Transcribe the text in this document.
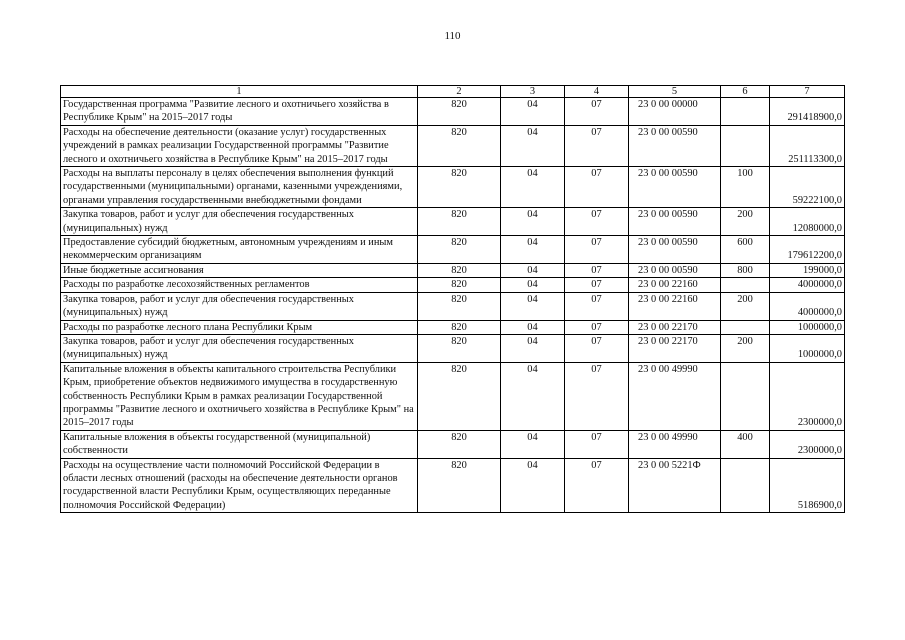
110
1	2	3	4	5	6	7
Государственная программа "Развитие лесного и охотничьего хозяйства в Республике Крым" на 2015–2017 годы	820	04	07	23 0 00 00000		291418900,0
Расходы на обеспечение деятельности (оказание услуг) государственных учреждений в рамках реализации Государственной программы "Развитие лесного и охотничьего хозяйства в Республике Крым" на 2015–2017 годы	820	04	07	23 0 00 00590		251113300,0
Расходы на выплаты персоналу в целях обеспечения выполнения функций государственными (муниципальными) органами, казенными учреждениями, органами управления государственными внебюджетными фондами	820	04	07	23 0 00 00590	100	59222100,0
Закупка товаров, работ и услуг для обеспечения государственных (муниципальных) нужд	820	04	07	23 0 00 00590	200	12080000,0
Предоставление субсидий бюджетным, автономным учреждениям и иным некоммерческим организациям	820	04	07	23 0 00 00590	600	179612200,0
Иные бюджетные ассигнования	820	04	07	23 0 00 00590	800	199000,0
Расходы по разработке лесохозяйственных регламентов	820	04	07	23 0 00 22160		4000000,0
Закупка товаров, работ и услуг для обеспечения государственных (муниципальных) нужд	820	04	07	23 0 00 22160	200	4000000,0
Расходы по разработке лесного плана Республики Крым	820	04	07	23 0 00 22170		1000000,0
Закупка товаров, работ и услуг для обеспечения государственных (муниципальных) нужд	820	04	07	23 0 00 22170	200	1000000,0
Капитальные вложения в объекты капитального строительства Республики Крым, приобретение объектов недвижимого имущества в государственную собственность Республики Крым в рамках реализации Государственной программы "Развитие лесного и охотничьего хозяйства в Республике Крым" на 2015–2017 годы	820	04	07	23 0 00 49990		2300000,0
Капитальные вложения в объекты государственной (муниципальной) собственности	820	04	07	23 0 00 49990	400	2300000,0
Расходы на осуществление части полномочий Российской Федерации в области лесных отношений (расходы на обеспечение деятельности органов государственной власти Республики Крым, осуществляющих переданные полномочия Российской Федерации)	820	04	07	23 0 00 5221Ф		5186900,0
